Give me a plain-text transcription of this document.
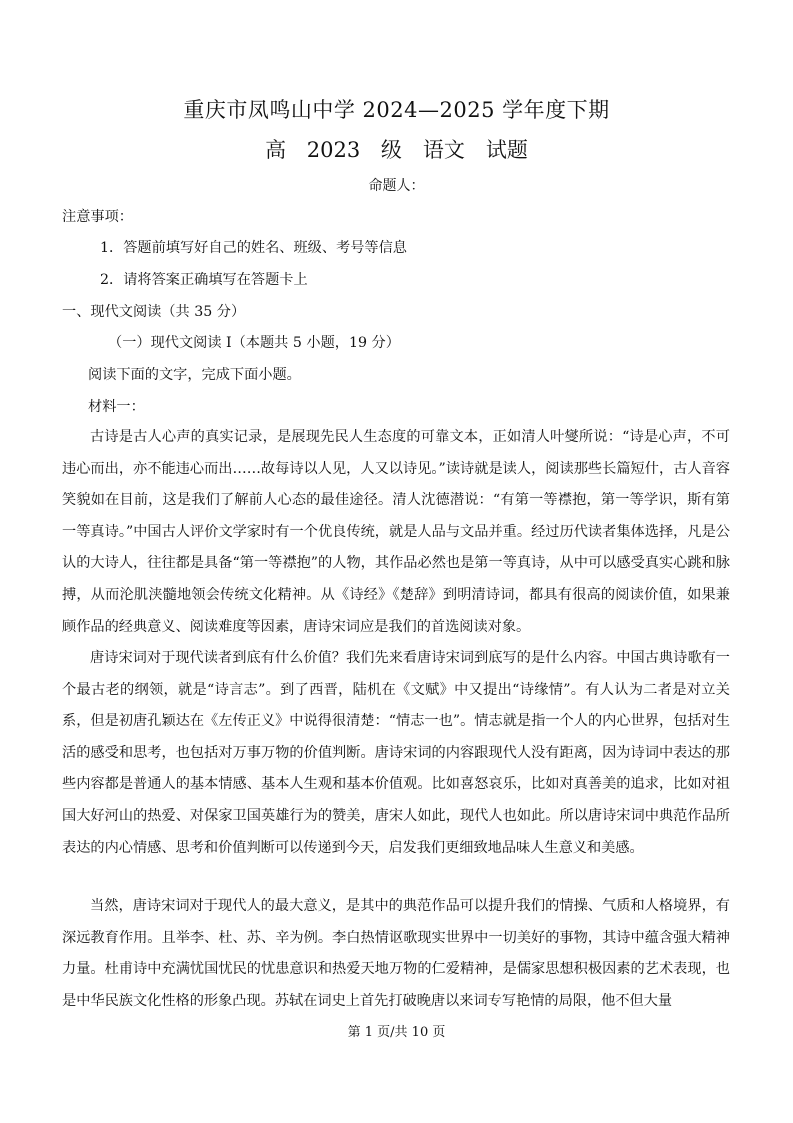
重庆市凤鸣山中学 2024—2025 学年度下期
高 2023 级　语文　试题
命题人：
注意事项：
1．答题前填写好自己的姓名、班级、考号等信息
2．请将答案正确填写在答题卡上
一、现代文阅读（共 35 分）
（一）现代文阅读 I（本题共 5 小题，19 分）
阅读下面的文字，完成下面小题。
材料一：
古诗是古人心声的真实记录，是展现先民人生态度的可靠文本，正如清人叶燮所说：“诗是心声，不可违心而出，亦不能违心而出……故每诗以人见，人又以诗见。”读诗就是读人，阅读那些长篇短什，古人音容笑貌如在目前，这是我们了解前人心态的最佳途径。清人沈德潜说：“有第一等襟抱，第一等学识，斯有第一等真诗。”中国古人评价文学家时有一个优良传统，就是人品与文品并重。经过历代读者集体选择，凡是公认的大诗人，往往都是具备“第一等襟抱”的人物，其作品必然也是第一等真诗，从中可以感受真实心跳和脉搏，从而沦肌浃髓地领会传统文化精神。从《诗经》《楚辞》到明清诗词，都具有很高的阅读价值，如果兼顾作品的经典意义、阅读难度等因素，唐诗宋词应是我们的首选阅读对象。
唐诗宋词对于现代读者到底有什么价值？我们先来看唐诗宋词到底写的是什么内容。中国古典诗歌有一个最古老的纲领，就是“诗言志”。到了西晋，陆机在《文赋》中又提出“诗缘情”。有人认为二者是对立关系，但是初唐孔颖达在《左传正义》中说得很清楚：“情志一也”。情志就是指一个人的内心世界，包括对生活的感受和思考，也包括对万事万物的价值判断。唐诗宋词的内容跟现代人没有距离，因为诗词中表达的那些内容都是普通人的基本情感、基本人生观和基本价值观。比如喜怒哀乐，比如对真善美的追求，比如对祖国大好河山的热爱、对保家卫国英雄行为的赞美，唐宋人如此，现代人也如此。所以唐诗宋词中典范作品所表达的内心情感、思考和价值判断可以传递到今天，启发我们更细致地品味人生意义和美感。
当然，唐诗宋词对于现代人的最大意义，是其中的典范作品可以提升我们的情操、气质和人格境界，有深远教育作用。且举李、杜、苏、辛为例。李白热情讴歌现实世界中一切美好的事物，其诗中蕴含强大精神力量。杜甫诗中充满忧国忧民的忧患意识和热爱天地万物的仁爱精神，是儒家思想积极因素的艺术表现，也是中华民族文化性格的形象凸现。苏轼在词史上首先打破晚唐以来词专写艳情的局限，他不但大量
第 1 页/共 10 页
